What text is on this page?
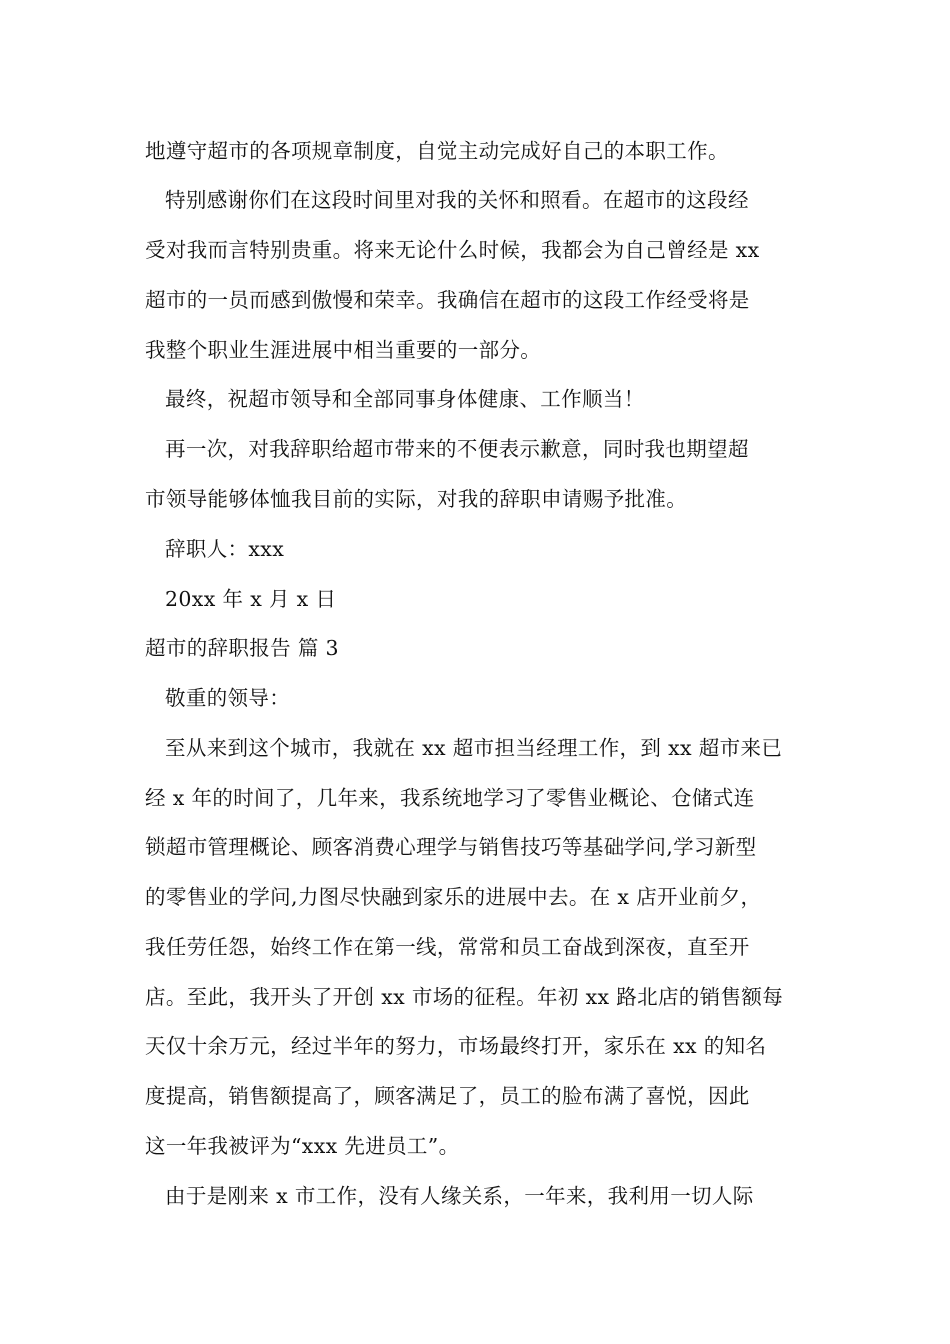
地遵守超市的各项规章制度，自觉主动完成好自己的本职工作。
特别感谢你们在这段时间里对我的关怀和照看。在超市的这段经
受对我而言特别贵重。将来无论什么时候，我都会为自己曾经是 xx
超市的一员而感到傲慢和荣幸。我确信在超市的这段工作经受将是
我整个职业生涯进展中相当重要的一部分。
最终，祝超市领导和全部同事身体健康、工作顺当！
再一次，对我辞职给超市带来的不便表示歉意，同时我也期望超
市领导能够体恤我目前的实际，对我的辞职申请赐予批准。
辞职人：xxx
20xx 年 x 月 x 日
超市的辞职报告 篇 3
敬重的领导：
至从来到这个城市，我就在 xx 超市担当经理工作，到 xx 超市来已
经 x 年的时间了，几年来，我系统地学习了零售业概论、仓储式连
锁超市管理概论、顾客消费心理学与销售技巧等基础学问,学习新型
的零售业的学问,力图尽快融到家乐的进展中去。在 x 店开业前夕，
我任劳任怨，始终工作在第一线，常常和员工奋战到深夜，直至开
店。至此，我开头了开创 xx 市场的征程。年初 xx 路北店的销售额每
天仅十余万元，经过半年的努力，市场最终打开，家乐在 xx 的知名
度提高，销售额提高了，顾客满足了，员工的脸布满了喜悦，因此
这一年我被评为“xxx 先进员工”。
由于是刚来 x 市工作，没有人缘关系，一年来，我利用一切人际
